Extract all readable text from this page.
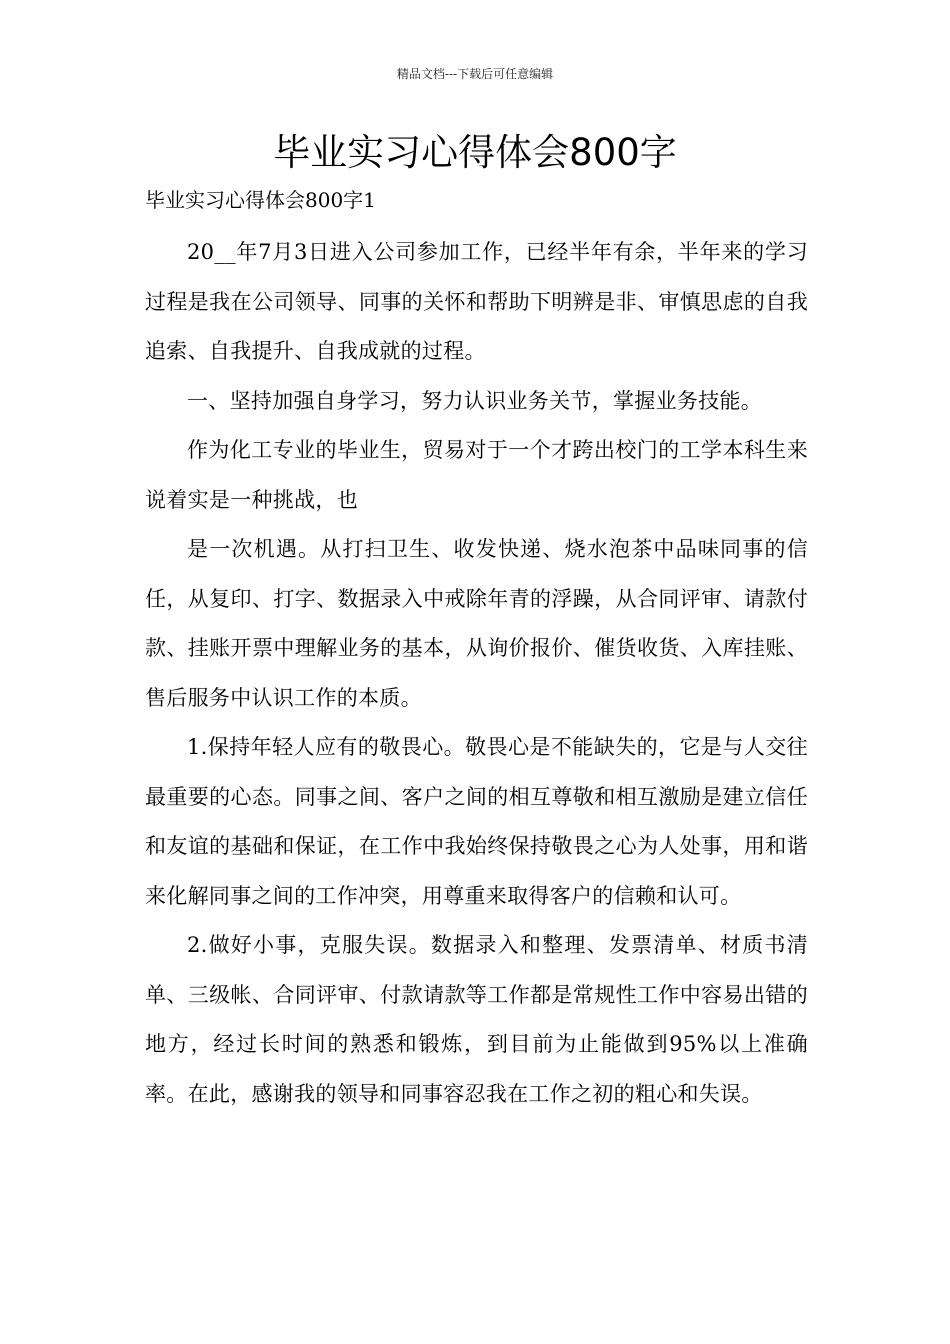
精品文档---下载后可任意编辑
毕业实习心得体会800字
毕业实习心得体会800字1

20__年7月3日进入公司参加工作，已经半年有余，半年来的学习过程是我在公司领导、同事的关怀和帮助下明辨是非、审慎思虑的自我追索、自我提升、自我成就的过程。

一、坚持加强自身学习，努力认识业务关节，掌握业务技能。

作为化工专业的毕业生，贸易对于一个才跨出校门的工学本科生来说着实是一种挑战，也

是一次机遇。从打扫卫生、收发快递、烧水泡茶中品味同事的信任，从复印、打字、数据录入中戒除年青的浮躁，从合同评审、请款付款、挂账开票中理解业务的基本，从询价报价、催货收货、入库挂账、售后服务中认识工作的本质。

1.保持年轻人应有的敬畏心。敬畏心是不能缺失的，它是与人交往最重要的心态。同事之间、客户之间的相互尊敬和相互激励是建立信任和友谊的基础和保证，在工作中我始终保持敬畏之心为人处事，用和谐来化解同事之间的工作冲突，用尊重来取得客户的信赖和认可。

2.做好小事，克服失误。数据录入和整理、发票清单、材质书清单、三级帐、合同评审、付款请款等工作都是常规性工作中容易出错的地方，经过长时间的熟悉和锻炼，到目前为止能做到95%以上准确率。在此，感谢我的领导和同事容忍我在工作之初的粗心和失误。
